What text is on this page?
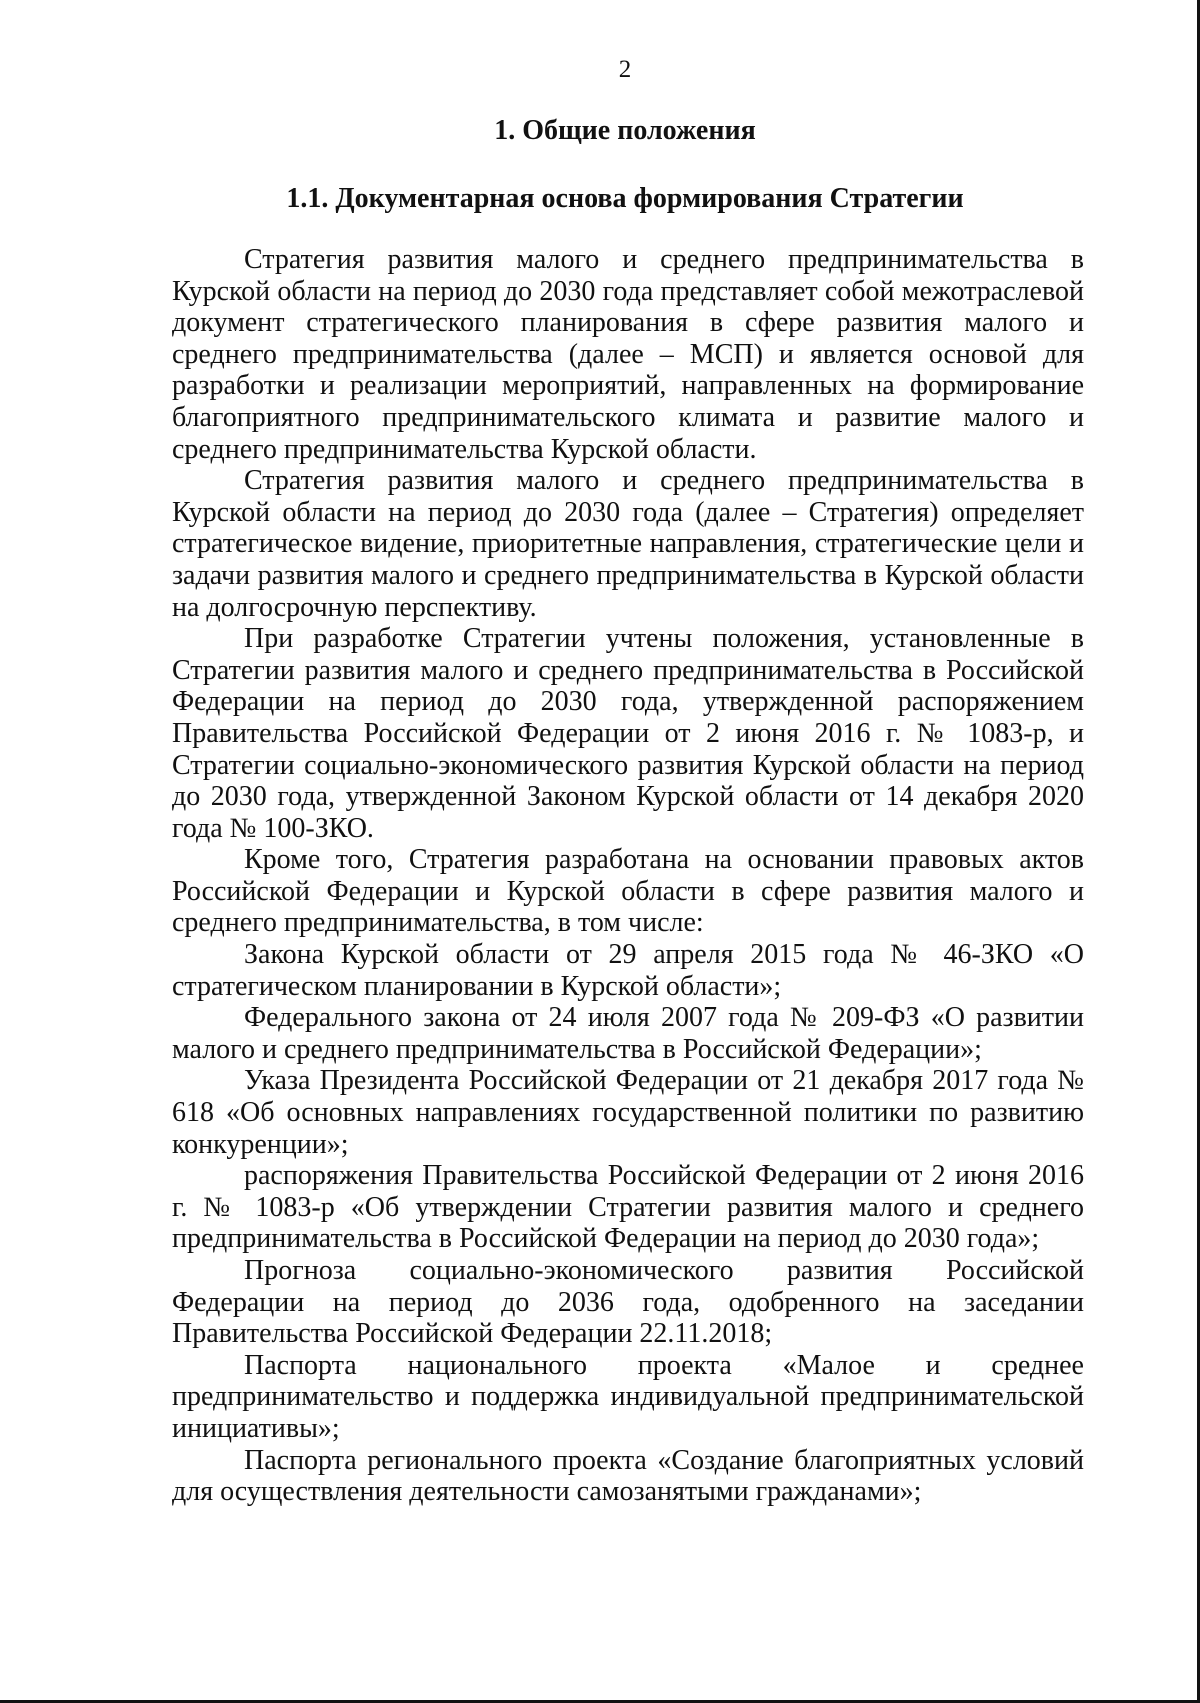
2
1. Общие положения
1.1. Документарная основа формирования Стратегии

Стратегия развития малого и среднего предпринимательства в Курской области на период до 2030 года представляет собой межотраслевой документ стратегического планирования в сфере развития малого и среднего предпринимательства (далее – МСП) и является основой для разработки и реализации мероприятий, направленных на формирование благоприятного предпринимательского климата и развитие малого и среднего предпринимательства Курской области.

Стратегия развития малого и среднего предпринимательства в Курской области на период до 2030 года (далее – Стратегия) определяет стратегическое видение, приоритетные направления, стратегические цели и задачи развития малого и среднего предпринимательства в Курской области на долгосрочную перспективу.

При разработке Стратегии учтены положения, установленные в Стратегии развития малого и среднего предпринимательства в Российской Федерации на период до 2030 года, утвержденной распоряжением Правительства Российской Федерации от 2 июня 2016 г. № 1083-р, и Стратегии социально-экономического развития Курской области на период до 2030 года, утвержденной Законом Курской области от 14 декабря 2020 года № 100-ЗКО.

Кроме того, Стратегия разработана на основании правовых актов Российской Федерации и Курской области в сфере развития малого и среднего предпринимательства, в том числе:

Закона Курской области от 29 апреля 2015 года № 46-ЗКО «О стратегическом планировании в Курской области»;

Федерального закона от 24 июля 2007 года № 209-ФЗ «О развитии малого и среднего предпринимательства в Российской Федерации»;

Указа Президента Российской Федерации от 21 декабря 2017 года № 618 «Об основных направлениях государственной политики по развитию конкуренции»;

распоряжения Правительства Российской Федерации от 2 июня 2016 г. № 1083-р «Об утверждении Стратегии развития малого и среднего предпринимательства в Российской Федерации на период до 2030 года»;

Прогноза социально-экономического развития Российской Федерации на период до 2036 года, одобренного на заседании Правительства Российской Федерации 22.11.2018;

Паспорта национального проекта «Малое и среднее предпринимательство и поддержка индивидуальной предпринимательской инициативы»;

Паспорта регионального проекта «Создание благоприятных условий для осуществления деятельности самозанятыми гражданами»;
